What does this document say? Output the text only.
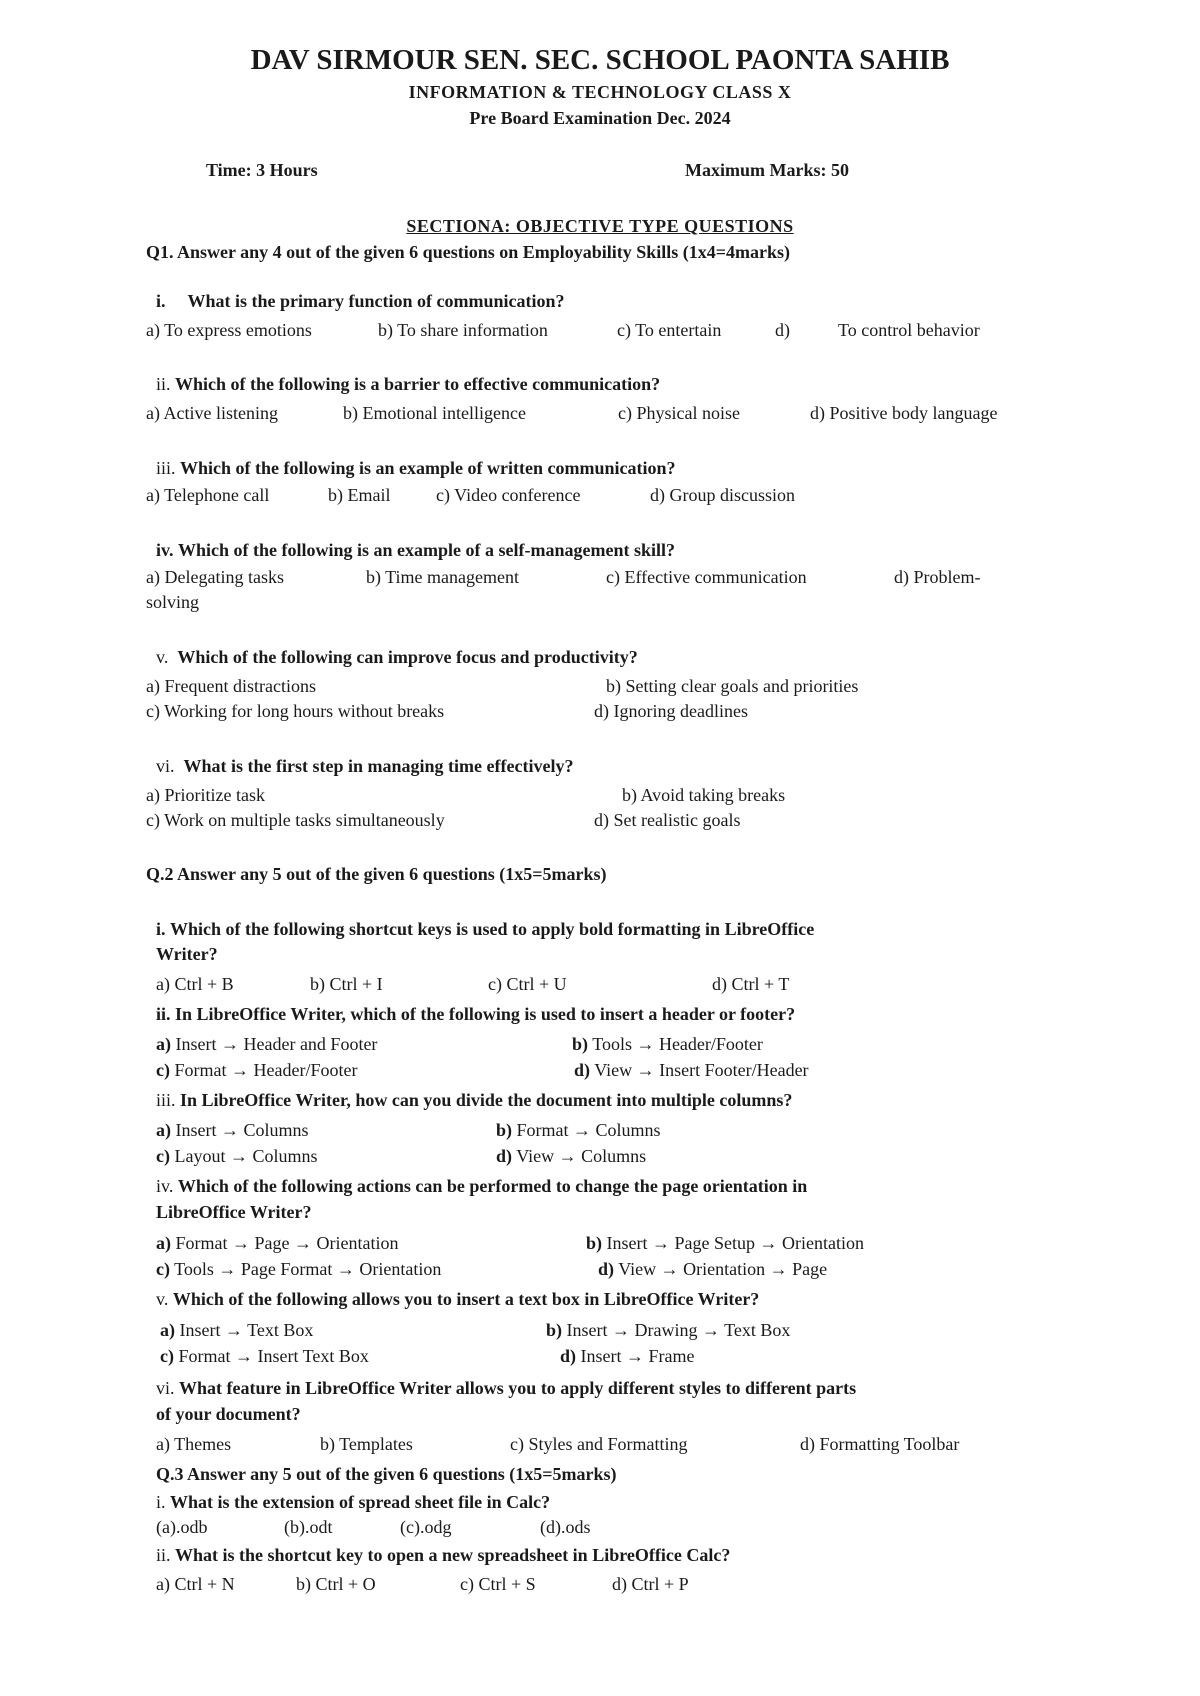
DAV SIRMOUR SEN. SEC. SCHOOL PAONTA SAHIB
INFORMATION & TECHNOLOGY CLASS X
Pre Board Examination Dec. 2024
Time: 3 Hours	Maximum Marks: 50
SECTIONA: OBJECTIVE TYPE QUESTIONS
Q1. Answer any 4 out of the given 6 questions on Employability Skills (1x4=4marks)
i. What is the primary function of communication?
a) To express emotions	b) To share information	c) To entertain	d)	To control behavior
ii. Which of the following is a barrier to effective communication?
a) Active listening	b) Emotional intelligence	c) Physical noise	d) Positive body language
iii. Which of the following is an example of written communication?
a) Telephone call	b) Email	c) Video conference	d) Group discussion
iv. Which of the following is an example of a self-management skill?
a) Delegating tasks	b) Time management	c) Effective communication	d) Problem-
solving
v. Which of the following can improve focus and productivity?
a) Frequent distractions	b) Setting clear goals and priorities
c) Working for long hours without breaks	d) Ignoring deadlines
vi. What is the first step in managing time effectively?
a) Prioritize task	b) Avoid taking breaks
c) Work on multiple tasks simultaneously	d) Set realistic goals
Q.2 Answer any 5 out of the given 6 questions (1x5=5marks)
i. Which of the following shortcut keys is used to apply bold formatting in LibreOffice
Writer?
a) Ctrl + B	b) Ctrl + I	c) Ctrl + U	d) Ctrl + T
ii. In LibreOffice Writer, which of the following is used to insert a header or footer?
a) Insert → Header and Footer	b) Tools → Header/Footer
c) Format → Header/Footer	d) View → Insert Footer/Header
iii. In LibreOffice Writer, how can you divide the document into multiple columns?
a) Insert → Columns	b) Format → Columns
c) Layout → Columns	d) View → Columns
iv. Which of the following actions can be performed to change the page orientation in
LibreOffice Writer?
a) Format → Page → Orientation	b) Insert → Page Setup → Orientation
c) Tools → Page Format → Orientation	d) View → Orientation → Page
v. Which of the following allows you to insert a text box in LibreOffice Writer?
a) Insert → Text Box	b) Insert → Drawing → Text Box
c) Format → Insert Text Box	d) Insert → Frame
vi. What feature in LibreOffice Writer allows you to apply different styles to different parts
of your document?
a) Themes	b) Templates	c) Styles and Formatting	d) Formatting Toolbar
Q.3 Answer any 5 out of the given 6 questions (1x5=5marks)
i. What is the extension of spread sheet file in Calc?
(a).odb	(b).odt	(c).odg	(d).ods
ii. What is the shortcut key to open a new spreadsheet in LibreOffice Calc?
a) Ctrl + N	b) Ctrl + O	c) Ctrl + S	d) Ctrl + P
